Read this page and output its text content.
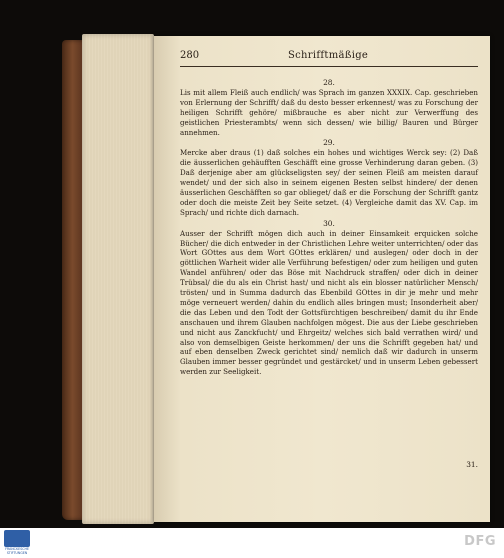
280	Schrifftmäßige

28.

Lis mit allem Fleiß auch endlich/ was Sprach im ganzen XXXIX. Cap. geschrieben von Erlernung der Schrifft/ daß du desto besser erkennest/ was zu Forschung der heiligen Schrifft gehöre/ mißbrauche es aber nicht zur Verwerffung des geistlichen Priesterambts/ wenn sich dessen/ wie billig/ Bauren und Bürger annehmen.

29.

Mercke aber draus (1) daß solches ein hohes und wichtiges Werck sey: (2) Daß die äusserlichen gehäufften Geschäfft eine grosse Verhinderung daran geben. (3) Daß derjenige aber am glückseligsten sey/ der seinen Fleiß am meisten darauf wendet/ und der sich also in seinem eigenen Besten selbst hindere/ der denen äusserlichen Geschäfften so gar oblieget/ daß er die Forschung der Schrifft gantz oder doch die meiste Zeit bey Seite setzet. (4) Vergleiche damit das XV. Cap. im Sprach/ und richte dich darnach.

30.

Ausser der Schrifft mögen dich auch in deiner Einsamkeit erquicken solche Bücher/ die dich entweder in der Christlichen Lehre weiter unterrichten/ oder das Wort GOttes aus dem Wort GOttes erklären/ und auslegen/ oder doch in der göttlichen Warheit wider alle Verführung befestigen/ oder zum heiligen und guten Wandel anführen/ oder das Böse mit Nachdruck straffen/ oder dich in deiner Trübsal/ die du als ein Christ hast/ und nicht als ein blosser natürlicher Mensch/ trösten/ und in Summa dadurch das Ebenbild GOttes in dir je mehr und mehr möge verneuert werden/ dahin du endlich alles bringen must; Insonderheit aber/ die das Leben und den Todt der Gottsfürchtigen beschreiben/ damit du ihr Ende anschauen und ihrem Glauben nachfolgen mögest. Die aus der Liebe geschrieben und nicht aus Zanckfucht/ und Ehrgeitz/ welches sich bald verrathen wird/ und also von demselbigen Geiste herkommen/ der uns die Schrifft gegeben hat/ und auf eben denselben Zweck gerichtet sind/ nemlich daß wir dadurch in unserm Glauben immer besser gegründet und gestärcket/ und in unserm Leben gebessert werden zur Seeligkeit.

31.
FRANCKESCHE
STIFTUNGEN
DFG
